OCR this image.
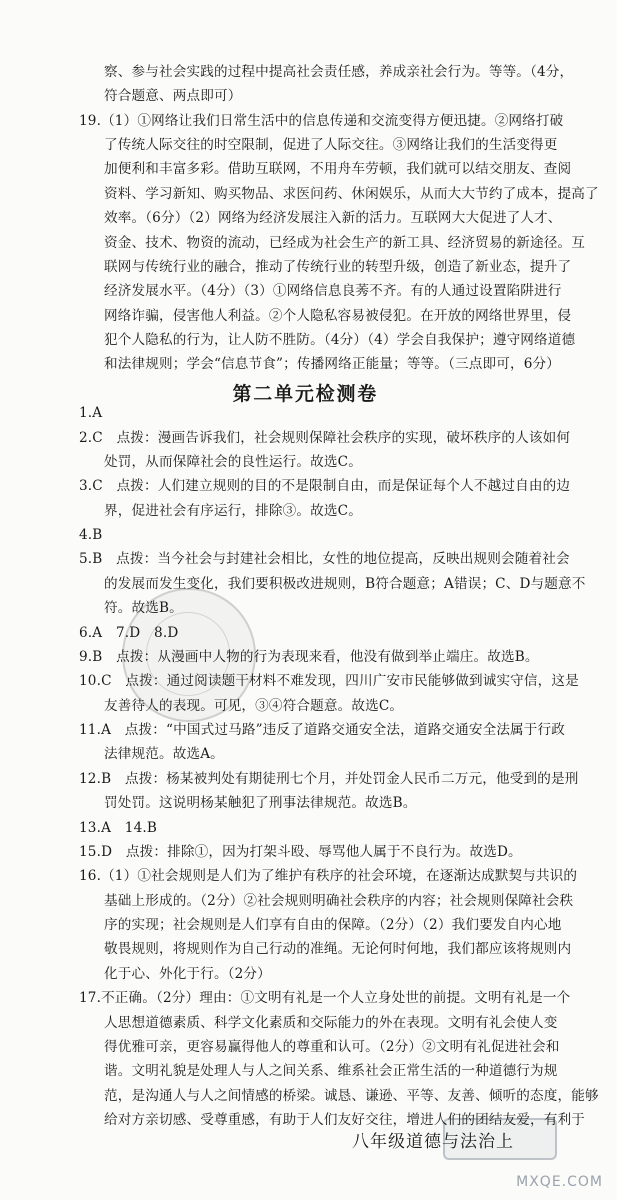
察、参与社会实践的过程中提高社会责任感，养成亲社会行为。等等。（4分，
符合题意、两点即可）
19.（1）①网络让我们日常生活中的信息传递和交流变得方便迅捷。②网络打破
了传统人际交往的时空限制，促进了人际交往。③网络让我们的生活变得更
加便利和丰富多彩。借助互联网，不用舟车劳顿，我们就可以结交朋友、查阅
资料、学习新知、购买物品、求医问药、休闲娱乐，从而大大节约了成本，提高了
效率。（6分）（2）网络为经济发展注入新的活力。互联网大大促进了人才、
资金、技术、物资的流动，已经成为社会生产的新工具、经济贸易的新途径。互
联网与传统行业的融合，推动了传统行业的转型升级，创造了新业态，提升了
经济发展水平。（4分）（3）①网络信息良莠不齐。有的人通过设置陷阱进行
网络诈骗，侵害他人利益。②个人隐私容易被侵犯。在开放的网络世界里，侵
犯个人隐私的行为，让人防不胜防。（4分）（4）学会自我保护；遵守网络道德
和法律规则；学会“信息节食”；传播网络正能量；等等。（三点即可，6分）
第二单元检测卷
1.A
2.C　点拨：漫画告诉我们，社会规则保障社会秩序的实现，破坏秩序的人该如何
处罚，从而保障社会的良性运行。故选C。
3.C　点拨：人们建立规则的目的不是限制自由，而是保证每个人不越过自由的边
界，促进社会有序运行，排除③。故选C。
4.B
5.B　点拨：当今社会与封建社会相比，女性的地位提高，反映出规则会随着社会
的发展而发生变化，我们要积极改进规则，B符合题意；A错误；C、D与题意不
符。故选B。
6.A　7.D　8.D
9.B　点拨：从漫画中人物的行为表现来看，他没有做到举止端庄。故选B。
10.C　点拨：通过阅读题干材料不难发现，四川广安市民能够做到诚实守信，这是
友善待人的表现。可见，③④符合题意。故选C。
11.A　点拨：“中国式过马路”违反了道路交通安全法，道路交通安全法属于行政
法律规范。故选A。
12.B　点拨：杨某被判处有期徒刑七个月，并处罚金人民币二万元，他受到的是刑
罚处罚。这说明杨某触犯了刑事法律规范。故选B。
13.A　14.B
15.D　点拨：排除①，因为打架斗殴、辱骂他人属于不良行为。故选D。
16.（1）①社会规则是人们为了维护有秩序的社会环境，在逐渐达成默契与共识的
基础上形成的。（2分）②社会规则明确社会秩序的内容；社会规则保障社会秩
序的实现；社会规则是人们享有自由的保障。（2分）（2）我们要发自内心地
敬畏规则，将规则作为自己行动的准绳。无论何时何地，我们都应该将规则内
化于心、外化于行。（2分）
17.不正确。（2分）理由：①文明有礼是一个人立身处世的前提。文明有礼是一个
人思想道德素质、科学文化素质和交际能力的外在表现。文明有礼会使人变
得优雅可亲，更容易赢得他人的尊重和认可。（2分）②文明有礼促进社会和
谐。文明礼貌是处理人与人之间关系、维系社会正常生活的一种道德行为规
范，是沟通人与人之间情感的桥梁。诚恳、谦逊、平等、友善、倾听的态度，能够
给对方亲切感、受尊重感，有助于人们友好交往，增进人们的团结友爱，有利于
八年级道德与法治上
MXQE.COM
